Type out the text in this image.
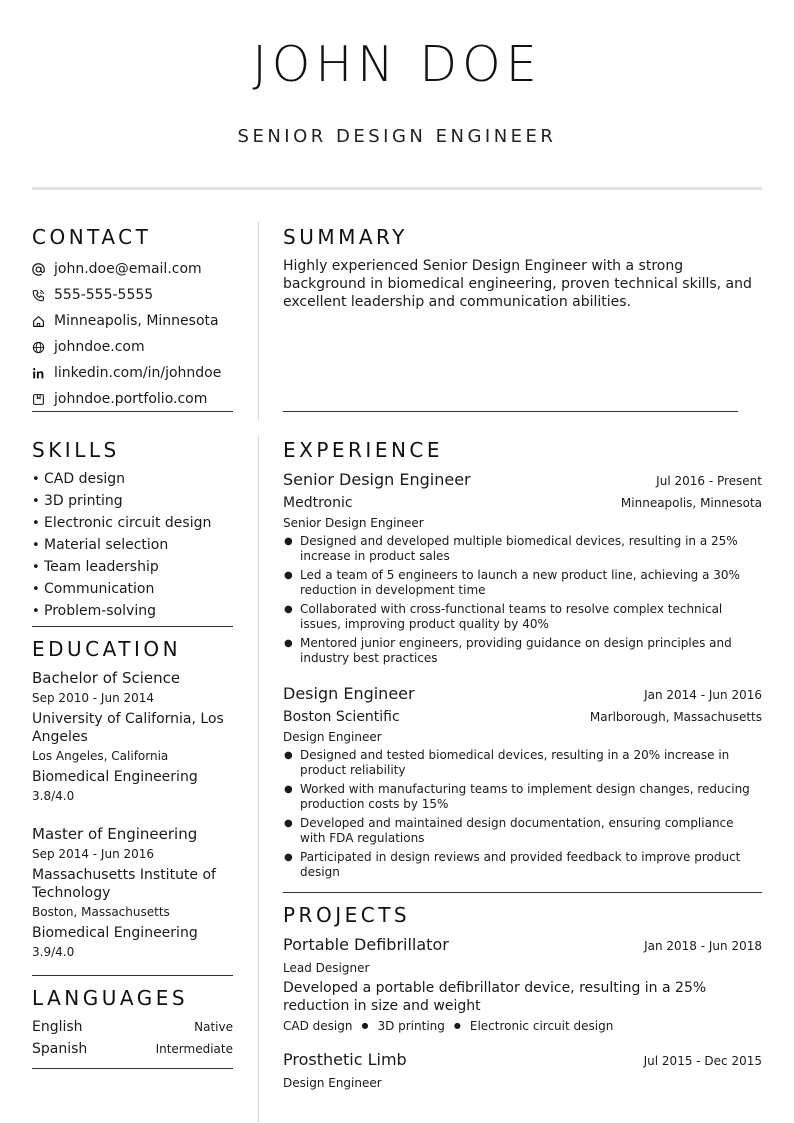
JOHN DOE
SENIOR DESIGN ENGINEER
CONTACT
john.doe@email.com
555-555-5555
Minneapolis, Minnesota
johndoe.com
linkedin.com/in/johndoe
johndoe.portfolio.com
SKILLS
• CAD design
• 3D printing
• Electronic circuit design
• Material selection
• Team leadership
• Communication
• Problem-solving
EDUCATION
Bachelor of Science
Sep 2010 - Jun 2014
University of California, Los Angeles
Los Angeles, California
Biomedical Engineering
3.8/4.0
Master of Engineering
Sep 2014 - Jun 2016
Massachusetts Institute of Technology
Boston, Massachusetts
Biomedical Engineering
3.9/4.0
LANGUAGES
English	Native
Spanish	Intermediate
SUMMARY
Highly experienced Senior Design Engineer with a strong background in biomedical engineering, proven technical skills, and excellent leadership and communication abilities.
EXPERIENCE
Senior Design Engineer	Jul 2016 - Present
Medtronic	Minneapolis, Minnesota
Senior Design Engineer
● Designed and developed multiple biomedical devices, resulting in a 25% increase in product sales
● Led a team of 5 engineers to launch a new product line, achieving a 30% reduction in development time
● Collaborated with cross-functional teams to resolve complex technical issues, improving product quality by 40%
● Mentored junior engineers, providing guidance on design principles and industry best practices
Design Engineer	Jan 2014 - Jun 2016
Boston Scientific	Marlborough, Massachusetts
Design Engineer
● Designed and tested biomedical devices, resulting in a 20% increase in product reliability
● Worked with manufacturing teams to implement design changes, reducing production costs by 15%
● Developed and maintained design documentation, ensuring compliance with FDA regulations
● Participated in design reviews and provided feedback to improve product design
PROJECTS
Portable Defibrillator	Jan 2018 - Jun 2018
Lead Designer
Developed a portable defibrillator device, resulting in a 25% reduction in size and weight
CAD design ● 3D printing ● Electronic circuit design
Prosthetic Limb	Jul 2015 - Dec 2015
Design Engineer
